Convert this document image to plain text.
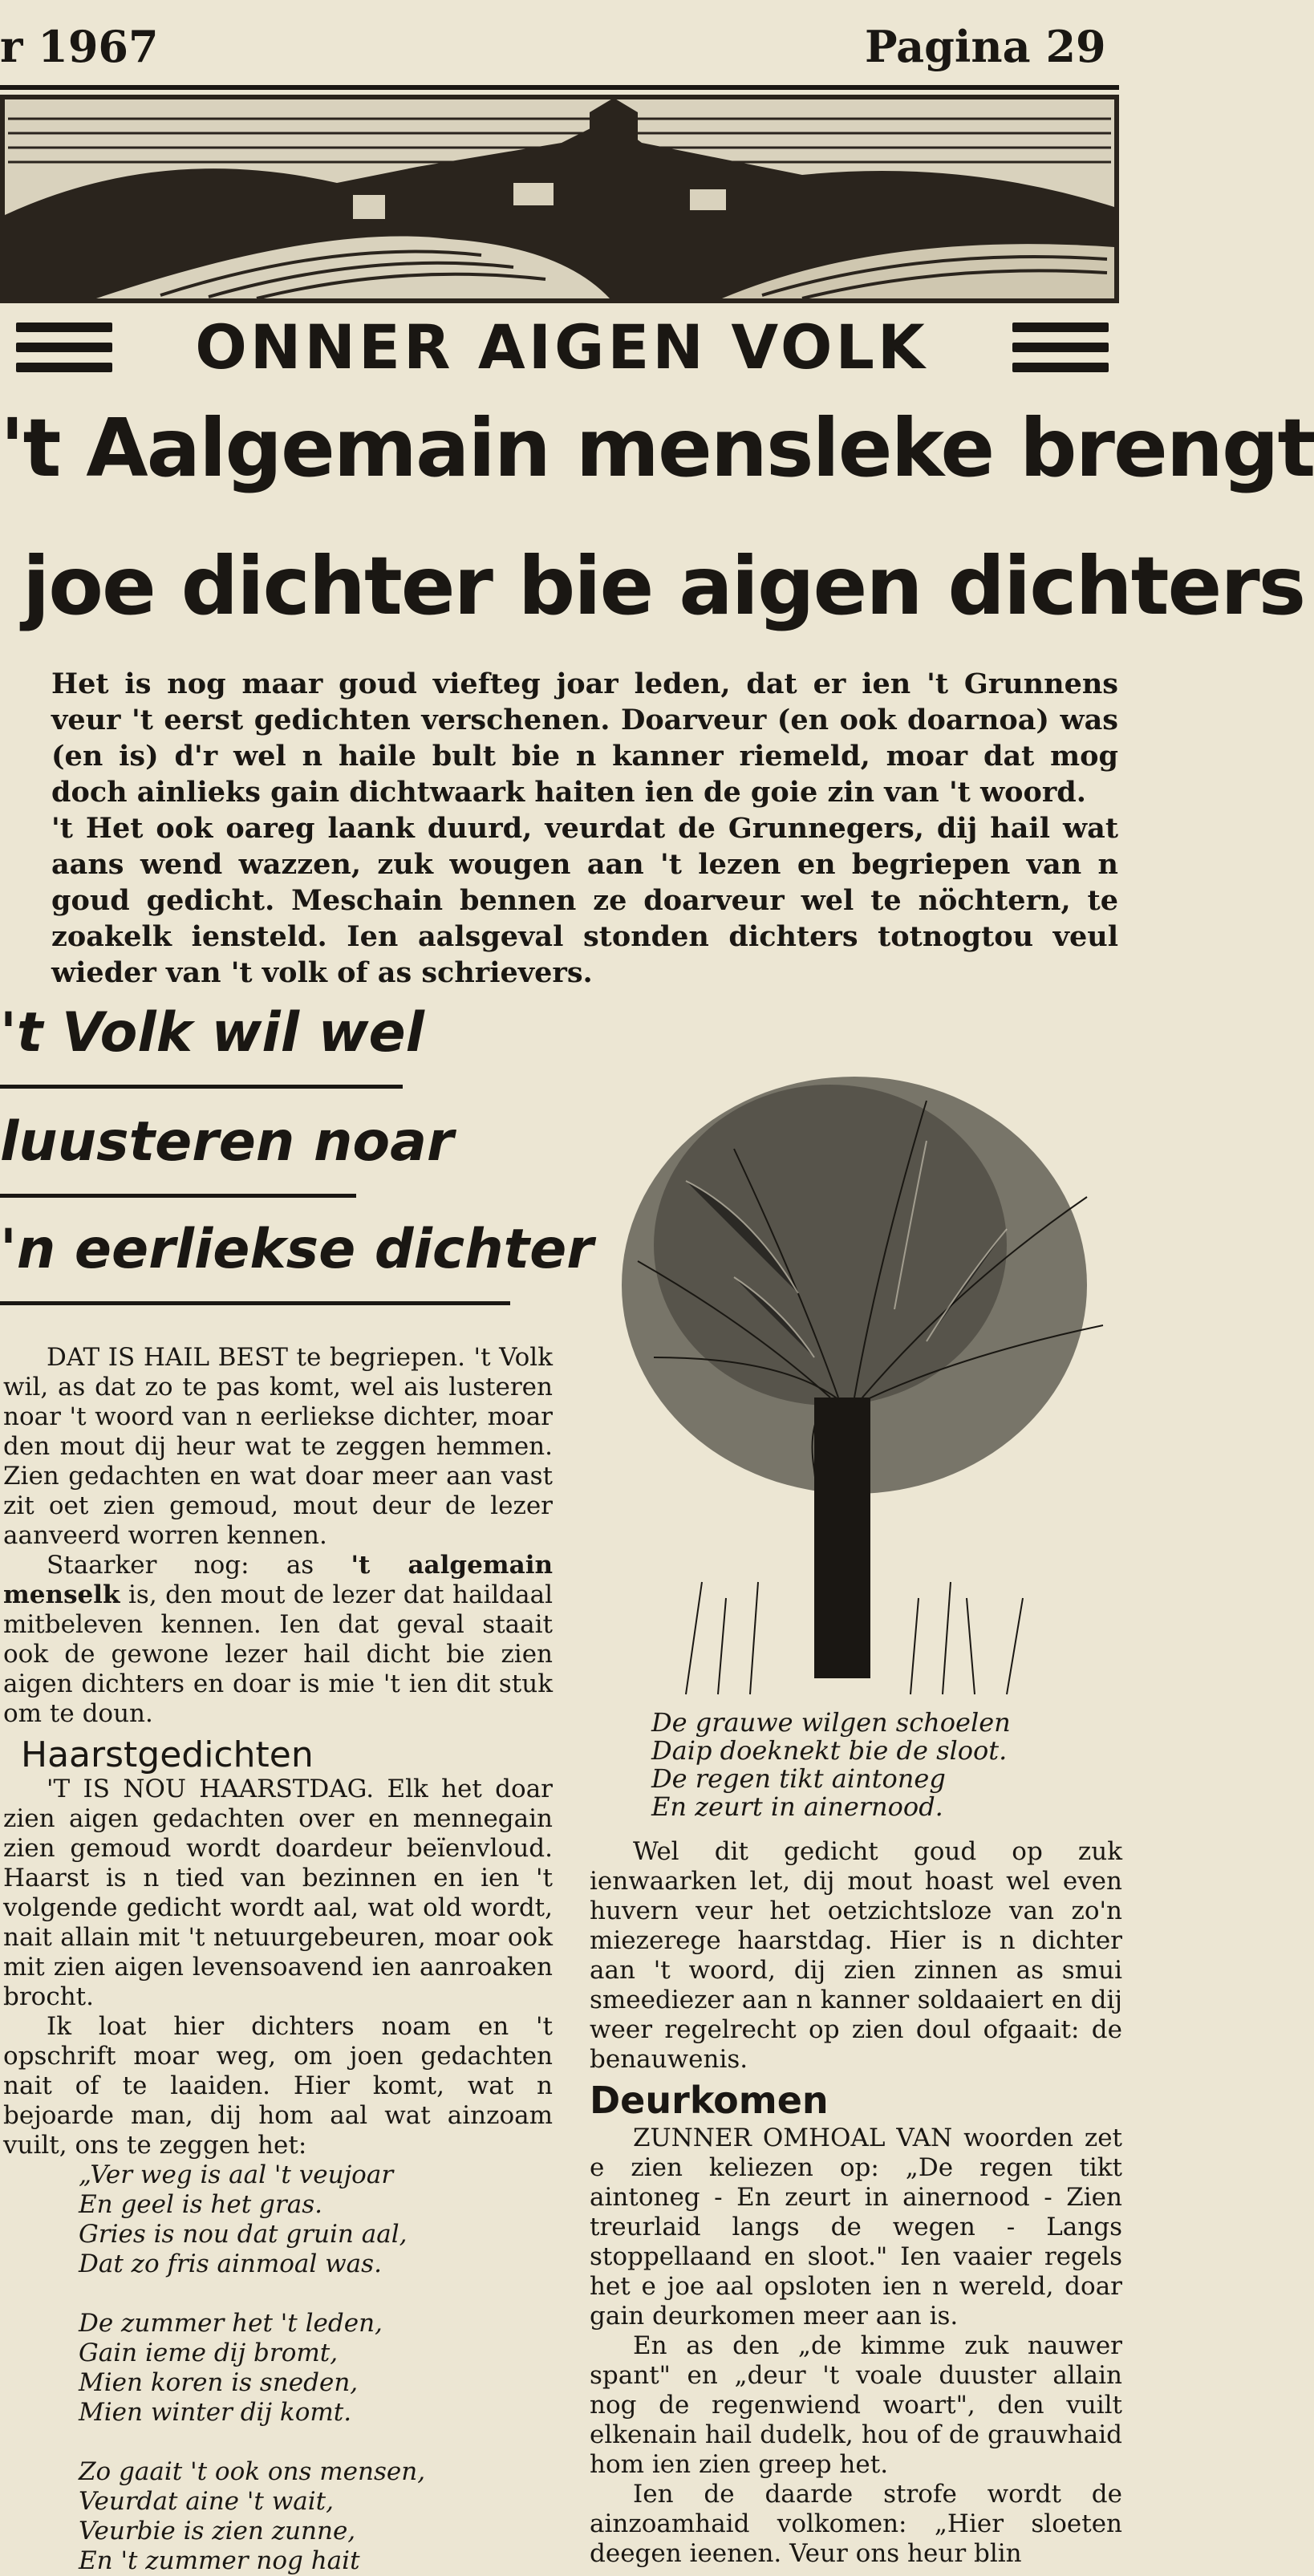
r 1967	Pagina 29
ONNER AIGEN VOLK
't Aalgemain mensleke brengt
joe dichter bie aigen dichters

Het is nog maar goud viefteg joar leden, dat er ien 't Grunnens veur 't eerst gedichten verschenen. Doarveur (en ook doarnoa) was (en is) d'r wel n haile bult bie n kanner riemeld, moar dat mog doch ainlieks gain dichtwaark haiten ien de goie zin van 't woord.

't Het ook oareg laank duurd, veurdat de Grunnegers, dij hail wat aans wend wazzen, zuk wougen aan 't lezen en begriepen van n goud gedicht. Meschain bennen ze doarveur wel te nöchtern, te zoakelk iensteld. Ien aalsgeval stonden dichters totnogtou veul wieder van 't volk of as schrievers.

't Volk wil wel
luusteren noar
'n eerliekse dichter

DAT IS HAIL BEST te begriepen. 't Volk wil, as dat zo te pas komt, wel ais lusteren noar 't woord van n eerliekse dichter, moar den mout dij heur wat te zeggen hemmen. Zien gedachten en wat doar meer aan vast zit oet zien gemoud, mout deur de lezer aanveerd worren kennen.

Staarker nog: as 't aalgemain menselk is, den mout de lezer dat haildaal mitbeleven kennen. Ien dat geval staait ook de gewone lezer hail dicht bie zien aigen dichters en doar is mie 't ien dit stuk om te doun.

Haarstgedichten

'T IS NOU HAARSTDAG. Elk het doar zien aigen gedachten over en mennegain zien gemoud wordt doardeur beïenvloud. Haarst is n tied van bezinnen en ien 't volgende gedicht wordt aal, wat old wordt, nait allain mit 't netuurgebeuren, moar ook mit zien aigen levensoavend ien aanroaken brocht.

Ik loat hier dichters noam en 't opschrift moar weg, om joen gedachten nait of te laaiden. Hier komt, wat n bejoarde man, dij hom aal wat ainzoam vuilt, ons te zeggen het:

„Ver weg is aal 't veujoar
En geel is het gras.
Gries is nou dat gruin aal,
Dat zo fris ainmoal was.
De zummer het 't leden,
Gain ieme dij bromt,
Mien koren is sneden,
Mien winter dij komt.
Zo gaait 't ook ons mensen,
Veurdat aine 't wait,
Veurbie is zien zunne,
En 't zummer nog hait
De grauwe wilgen schoelen
Daip doeknekt bie de sloot.
De regen tikt aintoneg
En zeurt in ainernood.

Wel dit gedicht goud op zuk ienwaarken let, dij mout hoast wel even huvern veur het oetzichtsloze van zo'n miezerege haarstdag. Hier is n dichter aan 't woord, dij zien zinnen as smui smeediezer aan n kanner soldaaiert en dij weer regelrecht op zien doul ofgaait: de benauwenis.

Deurkomen

ZUNNER OMHOAL VAN woorden zet e zien keliezen op: „De regen tikt aintoneg - En zeurt in ainernood - Zien treurlaid langs de wegen - Langs stoppellaand en sloot." Ien vaaier regels het e joe aal opsloten ien n wereld, doar gain deurkomen meer aan is.

En as den „de kimme zuk nauwer spant" en „deur 't voale duuster allain nog de regenwiend woart", den vuilt elkenain hail dudelk, hou of de grauwhaid hom ien zien greep het.

Ien de daarde strofe wordt de ainzoamhaid volkomen: „Hier sloeten deegen ieenen. Veur ons heur blin
